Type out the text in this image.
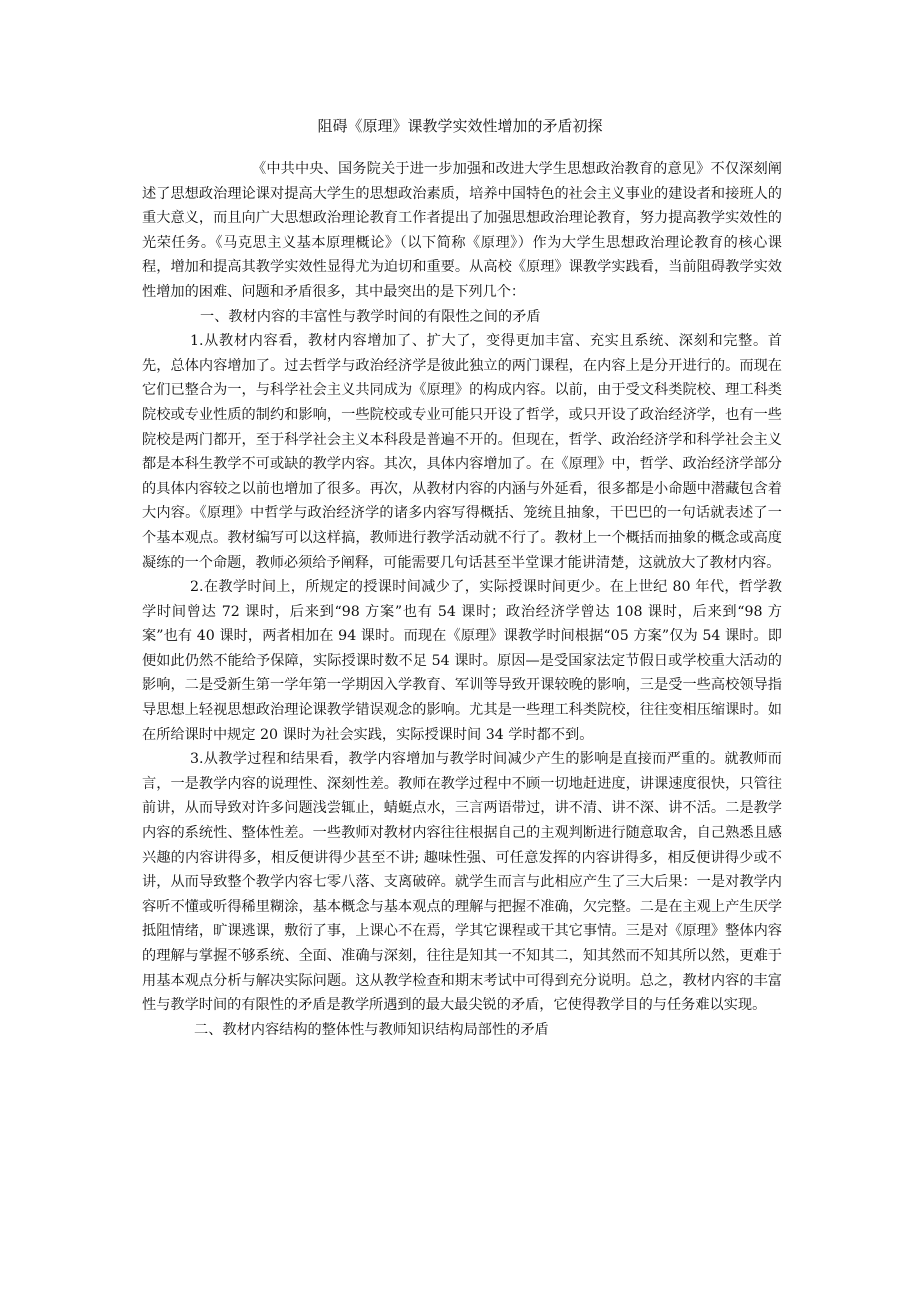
阻碍《原理》课教学实效性增加的矛盾初探

《中共中央、国务院关于进一步加强和改进大学生思想政治教育的意见》不仅深刻阐述了思想政治理论课对提高大学生的思想政治素质，培养中国特色的社会主义事业的建设者和接班人的重大意义，而且向广大思想政治理论教育工作者提出了加强思想政治理论教育，努力提高教学实效性的光荣任务。《马克思主义基本原理概论》（以下简称《原理》）作为大学生思想政治理论教育的核心课程，增加和提高其教学实效性显得尤为迫切和重要。从高校《原理》课教学实践看，当前阻碍教学实效性增加的困难、问题和矛盾很多，其中最突出的是下列几个：

一、教材内容的丰富性与教学时间的有限性之间的矛盾

1.从教材内容看，教材内容增加了、扩大了，变得更加丰富、充实且系统、深刻和完整。首先，总体内容增加了。过去哲学与政治经济学是彼此独立的两门课程，在内容上是分开进行的。而现在它们已整合为一，与科学社会主义共同成为《原理》的构成内容。以前，由于受文科类院校、理工科类院校或专业性质的制约和影响，一些院校或专业可能只开设了哲学，或只开设了政治经济学，也有一些院校是两门都开，至于科学社会主义本科段是普遍不开的。但现在，哲学、政治经济学和科学社会主义都是本科生教学不可或缺的教学内容。其次，具体内容增加了。在《原理》中，哲学、政治经济学部分的具体内容较之以前也增加了很多。再次，从教材内容的内涵与外延看，很多都是小命题中潜藏包含着大内容。《原理》中哲学与政治经济学的诸多内容写得概括、笼统且抽象，干巴巴的一句话就表述了一个基本观点。教材编写可以这样搞，教师进行教学活动就不行了。教材上一个概括而抽象的概念或高度凝练的一个命题，教师必须给予阐释，可能需要几句话甚至半堂课才能讲清楚，这就放大了教材内容。

2.在教学时间上，所规定的授课时间减少了，实际授课时间更少。在上世纪 80 年代，哲学教学时间曾达 72 课时，后来到“98 方案”也有 54 课时；政治经济学曾达 108 课时，后来到“98 方案”也有 40 课时，两者相加在 94 课时。而现在《原理》课教学时间根据“05 方案”仅为 54 课时。即便如此仍然不能给予保障，实际授课时数不足 54 课时。原因—是受国家法定节假日或学校重大活动的影响，二是受新生第一学年第一学期因入学教育、军训等导致开课较晚的影响，三是受一些高校领导指导思想上轻视思想政治理论课教学错误观念的影响。尤其是一些理工科类院校，往往变相压缩课时。如在所给课时中规定 20 课时为社会实践，实际授课时间 34 学时都不到。

3.从教学过程和结果看，教学内容增加与教学时间减少产生的影响是直接而严重的。就教师而言，一是教学内容的说理性、深刻性差。教师在教学过程中不顾一切地赶进度，讲课速度很快，只管往前讲，从而导致对许多问题浅尝辄止，蜻蜓点水，三言两语带过，讲不清、讲不深、讲不活。二是教学内容的系统性、整体性差。一些教师对教材内容往往根据自己的主观判断进行随意取舍，自己熟悉且感兴趣的内容讲得多，相反便讲得少甚至不讲; 趣味性强、可任意发挥的内容讲得多，相反便讲得少或不讲，从而导致整个教学内容七零八落、支离破碎。就学生而言与此相应产生了三大后果：一是对教学内容听不懂或听得稀里糊涂，基本概念与基本观点的理解与把握不准确，欠完整。二是在主观上产生厌学抵阻情绪，旷课逃课，敷衍了事，上课心不在焉，学其它课程或干其它事情。三是对《原理》整体内容的理解与掌握不够系统、全面、准确与深刻，往往是知其一不知其二，知其然而不知其所以然，更难于用基本观点分析与解决实际问题。这从教学检查和期末考试中可得到充分说明。总之，教材内容的丰富性与教学时间的有限性的矛盾是教学所遇到的最大最尖锐的矛盾，它使得教学目的与任务难以实现。

二、教材内容结构的整体性与教师知识结构局部性的矛盾
